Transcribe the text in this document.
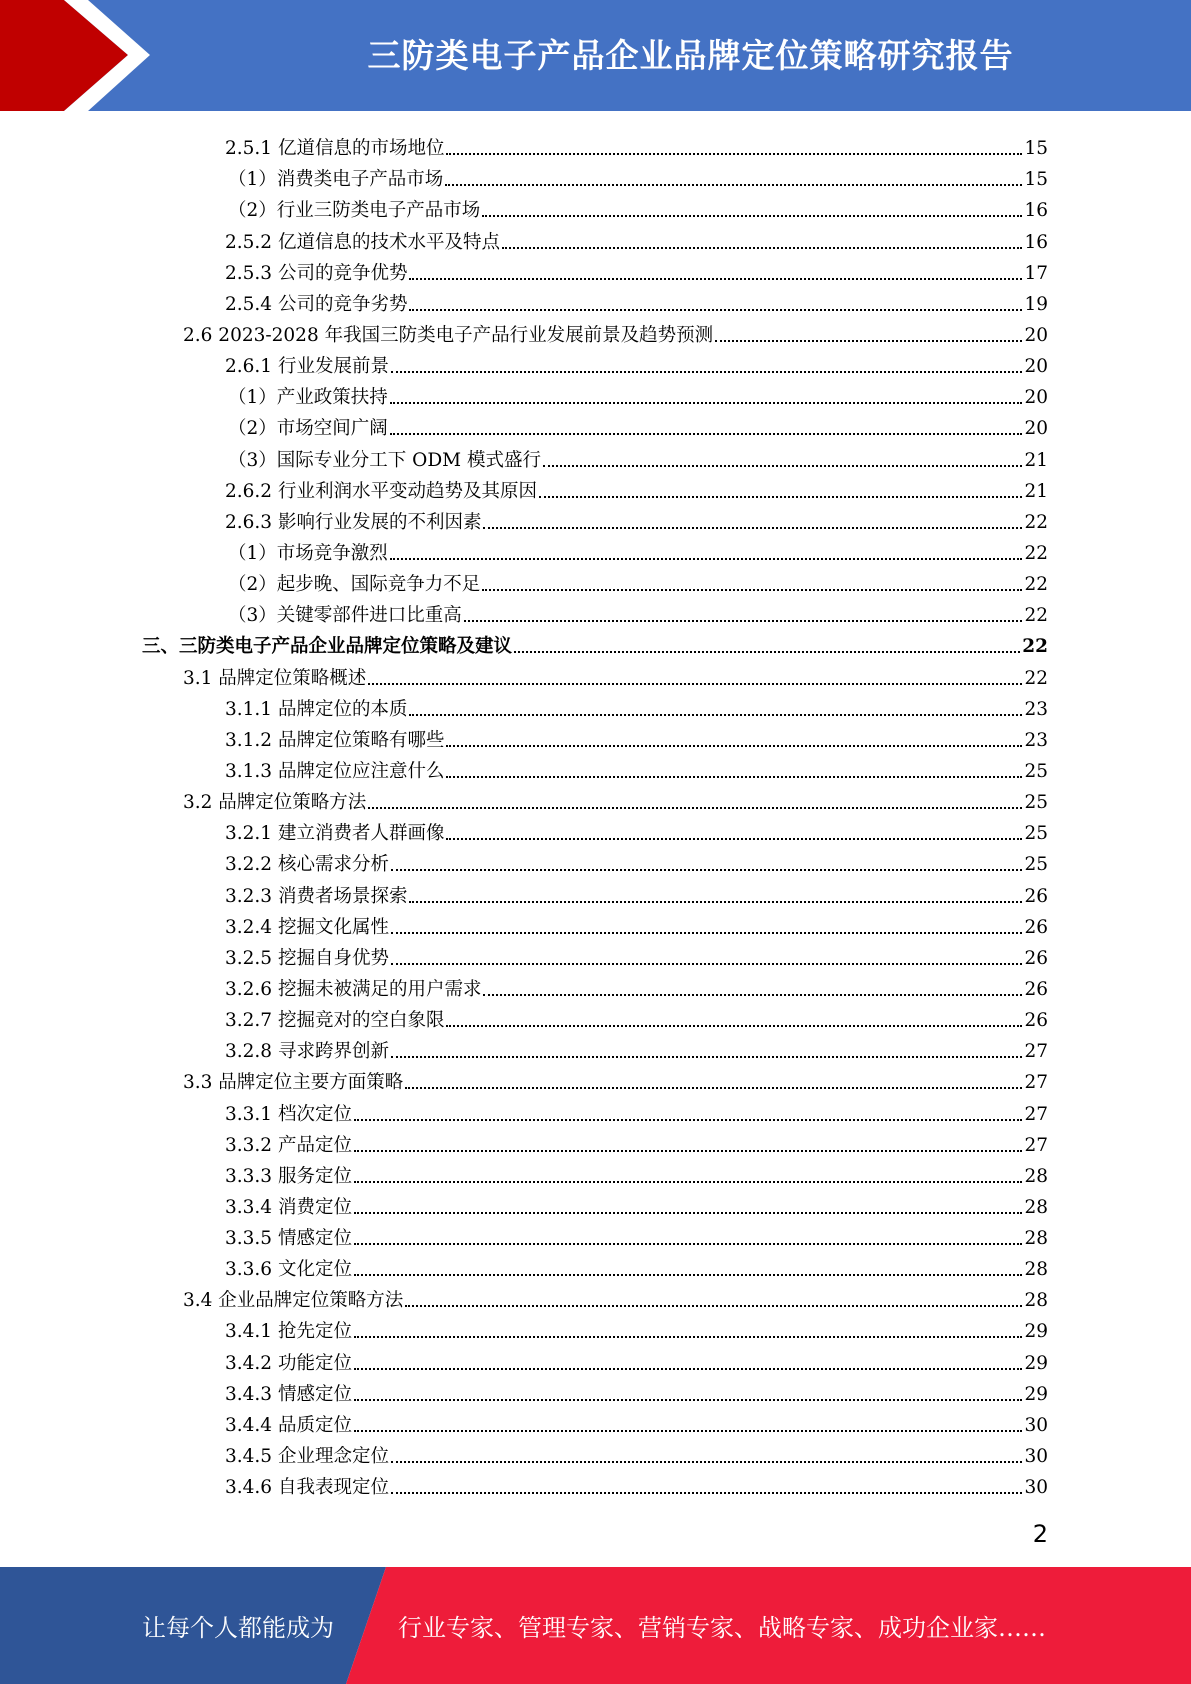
三防类电子产品企业品牌定位策略研究报告
2.5.1 亿道信息的市场地位	15
（1）消费类电子产品市场	15
（2）行业三防类电子产品市场	16
2.5.2 亿道信息的技术水平及特点	16
2.5.3 公司的竞争优势	17
2.5.4 公司的竞争劣势	19
2.6 2023-2028 年我国三防类电子产品行业发展前景及趋势预测	20
2.6.1 行业发展前景	20
（1）产业政策扶持	20
（2）市场空间广阔	20
（3）国际专业分工下 ODM 模式盛行	21
2.6.2 行业利润水平变动趋势及其原因	21
2.6.3 影响行业发展的不利因素	22
（1）市场竞争激烈	22
（2）起步晚、国际竞争力不足	22
（3）关键零部件进口比重高	22
三、三防类电子产品企业品牌定位策略及建议	22
3.1 品牌定位策略概述	22
3.1.1 品牌定位的本质	23
3.1.2 品牌定位策略有哪些	23
3.1.3 品牌定位应注意什么	25
3.2 品牌定位策略方法	25
3.2.1 建立消费者人群画像	25
3.2.2 核心需求分析	25
3.2.3 消费者场景探索	26
3.2.4 挖掘文化属性	26
3.2.5 挖掘自身优势	26
3.2.6 挖掘未被满足的用户需求	26
3.2.7 挖掘竞对的空白象限	26
3.2.8 寻求跨界创新	27
3.3 品牌定位主要方面策略	27
3.3.1 档次定位	27
3.3.2 产品定位	27
3.3.3 服务定位	28
3.3.4 消费定位	28
3.3.5 情感定位	28
3.3.6 文化定位	28
3.4 企业品牌定位策略方法	28
3.4.1 抢先定位	29
3.4.2 功能定位	29
3.4.3 情感定位	29
3.4.4 品质定位	30
3.4.5 企业理念定位	30
3.4.6 自我表现定位	30
2
让每个人都能成为	行业专家、管理专家、营销专家、战略专家、成功企业家……
